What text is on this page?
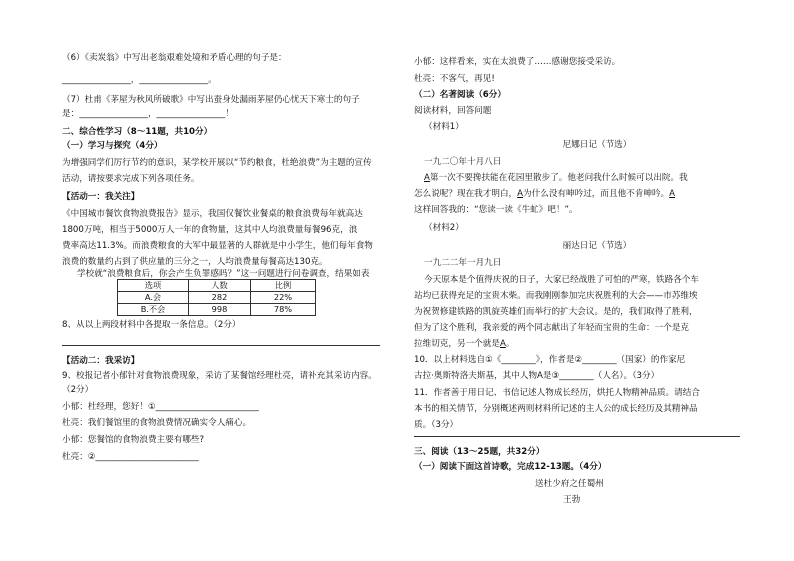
（6）《卖炭翁》中写出老翁艰难处境和矛盾心理的句子是：
________________，________________。
（7）杜甫《茅屋为秋风所破歌》中写出蚕身处漏雨茅屋仍心忧天下寒士的句子
是：________________，________________！
二、综合性学习（8～11题，共10分）
（一）学习与探究（4分）
为增强同学们厉行节约的意识，某学校开展以“节约粮食，杜绝浪费”为主题的宣传
活动，请按要求完成下列各项任务。
【活动一：我关注】
《中国城市餐饮食物浪费报告》显示，我国仅餐饮业餐桌的粮食浪费每年就高达
1800万吨，相当于5000万人一年的食物量，这其中人均浪费量每餐96克，浪
费率高达11.3%。而浪费粮食的大军中最显著的人群就是中小学生，他们每年食物
浪费的数量约占到了供应量的三分之一，人均浪费量每餐高达130克。
学校就“浪费粮食后，你会产生负罪感吗？”这一问题进行问卷调查，结果如表
选项	人数	比例
A.会	282	22%
B.不会	998	78%
8、从以上两段材料中各提取一条信息。（2分）
【活动二：我采访】
9、校报记者小郁针对食物浪费现象，采访了某餐馆经理杜亮，请补充其采访内容。
（2分）
小郁：杜经理，您好！①________________________
杜亮：我们餐馆里的食物浪费情况确实令人痛心。
小郁：您餐馆的食物浪费主要有哪些?
杜亮：②________________________
小郁：这样看来，实在太浪费了……感谢您接受采访。
杜亮：不客气，再见!
（二）名著阅读（6分）
阅读材料，回答问题
（材料1）
尼娜日记（节选）
一九二〇年十月八日
A第一次不要搀扶能在花园里散步了。他老问我什么时候可以出院。我
怎么说呢？现在我才明白，A为什么没有呻吟过，而且他不肯呻吟。A
这样回答我的：“您读一读《牛虻》吧！”。
（材料2）
丽达日记（节选）
一九二二年一月九日
今天原本是个值得庆祝的日子，大家已经战胜了可怕的严寒，铁路各个车
站均已获得充足的宝贵木柴。而我刚刚参加完庆祝胜利的大会——市苏维埃
为祝贺修建铁路的凯旋英雄们而举行的扩大会议。是的，我们取得了胜利，
但为了这个胜利，我亲爱的两个同志献出了年轻而宝贵的生命：一个是克
拉维切克，另一个就是A。
10．以上材料选自①《________》，作者是②________（国家）的作家尼
古拉·奥斯特洛夫斯基，其中人物A是③________（人名）。（3分）
11．作者善于用日记、书信记述人物成长经历，烘托人物精神品质。请结合
本书的相关情节，分别概述两则材料所记述的主人公的成长经历及其精神品
质。（3分）
三、阅读（13～25题，共32分）
（一）阅读下面这首诗歌，完成12-13题。（4分）
送杜少府之任蜀州
王勃
